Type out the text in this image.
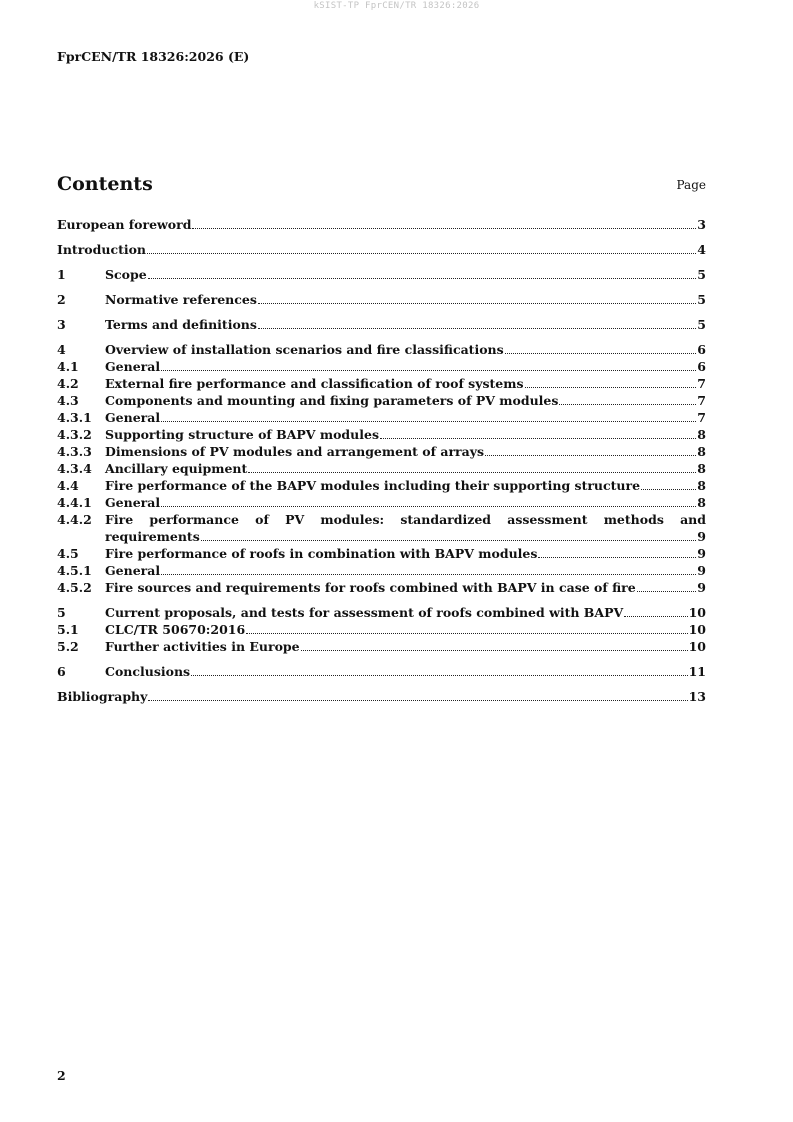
kSIST-TP FprCEN/TR 18326:2026
FprCEN/TR 18326:2026 (E)
Contents	Page
European foreword	3
Introduction	4
1	Scope	5
2	Normative references	5
3	Terms and definitions	5
4	Overview of installation scenarios and fire classifications	6
4.1	General	6
4.2	External fire performance and classification of roof systems	7
4.3	Components and mounting and fixing parameters of PV modules	7
4.3.1	General	7
4.3.2	Supporting structure of BAPV modules	8
4.3.3	Dimensions of PV modules and arrangement of arrays	8
4.3.4	Ancillary equipment	8
4.4	Fire performance of the BAPV modules including their supporting structure	8
4.4.1	General	8
4.4.2	Fire performance of PV modules: standardized assessment methods and
requirements	9
4.5	Fire performance of roofs in combination with BAPV modules	9
4.5.1	General	9
4.5.2	Fire sources and requirements for roofs combined with BAPV in case of fire	9
5	Current proposals, and tests for assessment of roofs combined with BAPV	10
5.1	CLC/TR 50670:2016	10
5.2	Further activities in Europe	10
6	Conclusions	11
Bibliography	13
2
